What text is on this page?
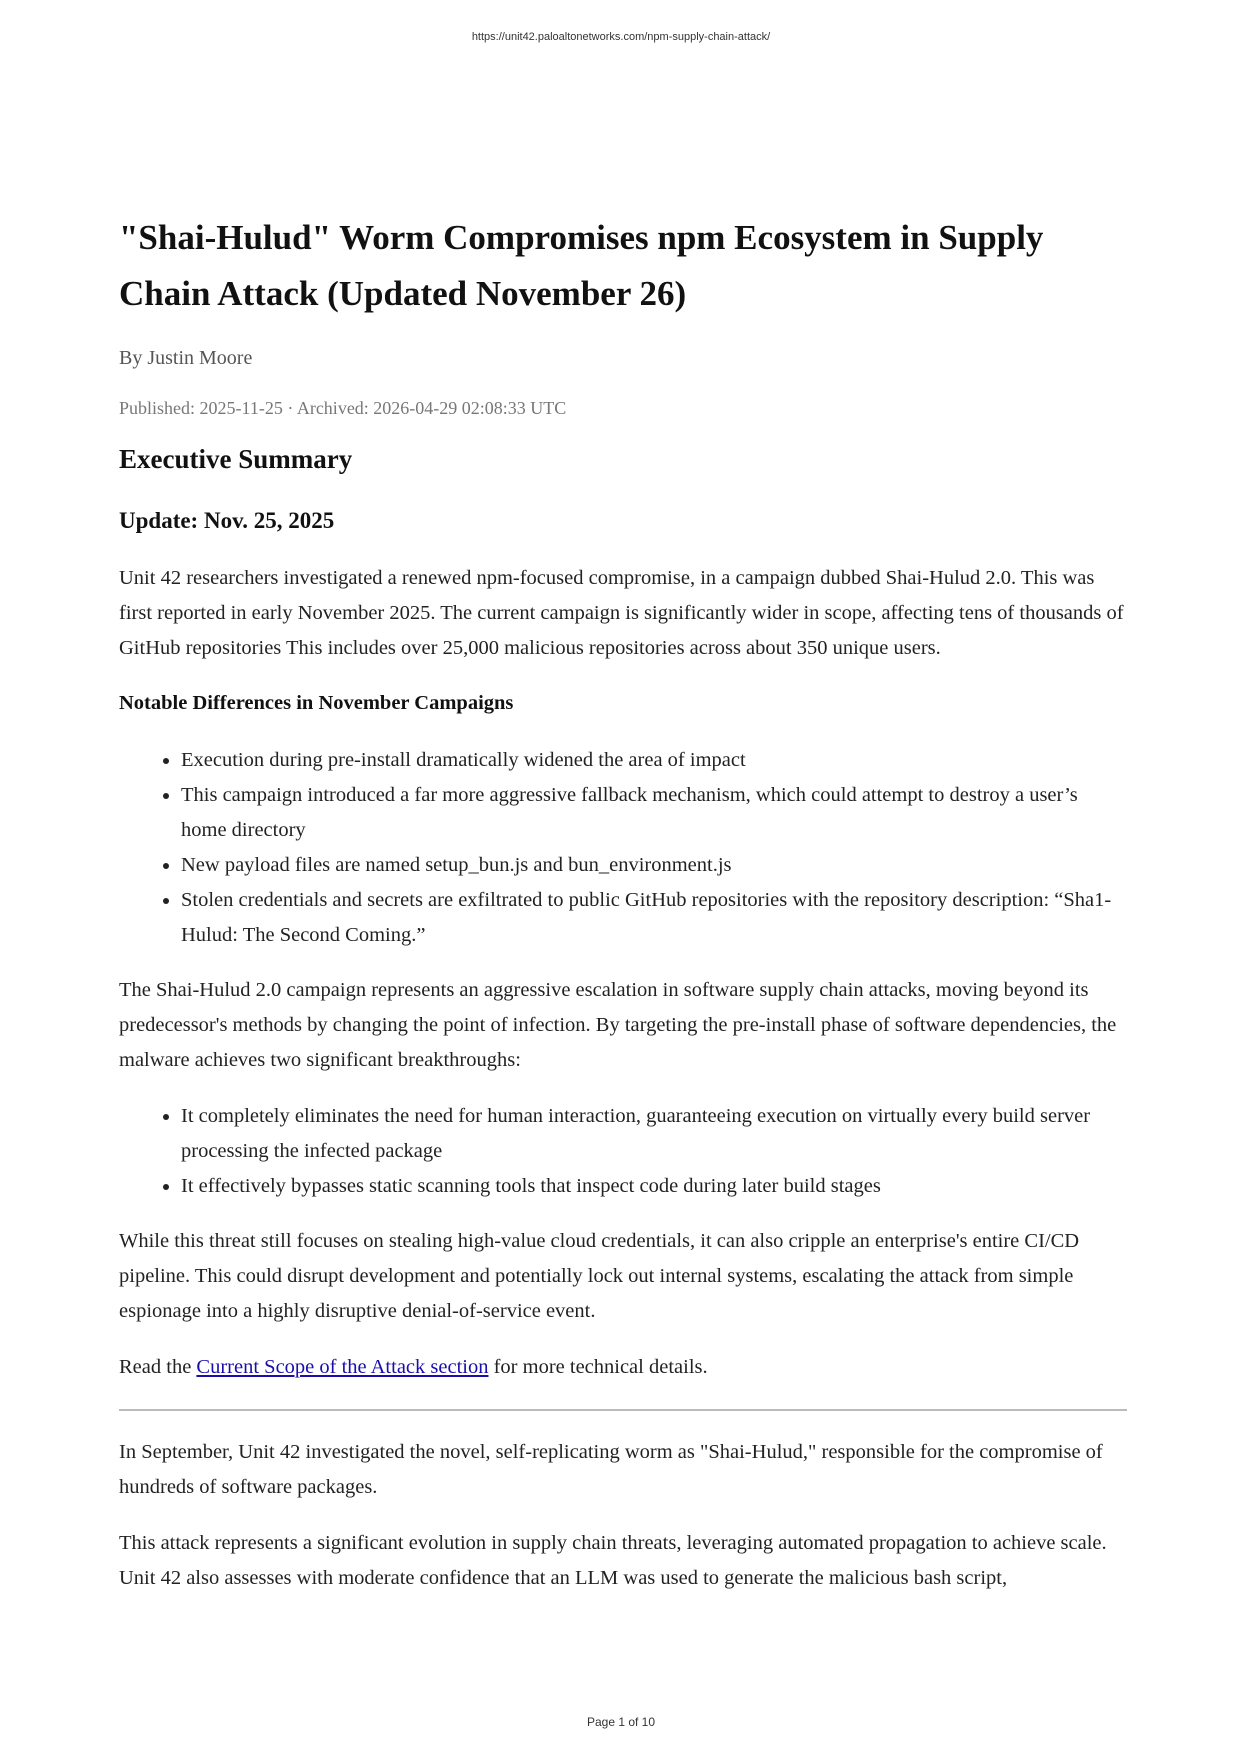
https://unit42.paloaltonetworks.com/npm-supply-chain-attack/
"Shai-Hulud" Worm Compromises npm Ecosystem in Supply Chain Attack (Updated November 26)
By Justin Moore
Published: 2025-11-25 · Archived: 2026-04-29 02:08:33 UTC
Executive Summary
Update: Nov. 25, 2025

Unit 42 researchers investigated a renewed npm-focused compromise, in a campaign dubbed Shai-Hulud 2.0. This was first reported in early November 2025. The current campaign is significantly wider in scope, affecting tens of thousands of GitHub repositories This includes over 25,000 malicious repositories across about 350 unique users.

Notable Differences in November Campaigns
• Execution during pre-install dramatically widened the area of impact
• This campaign introduced a far more aggressive fallback mechanism, which could attempt to destroy a user’s home directory
• New payload files are named setup_bun.js and bun_environment.js
• Stolen credentials and secrets are exfiltrated to public GitHub repositories with the repository description: “Sha1-Hulud: The Second Coming.”

The Shai-Hulud 2.0 campaign represents an aggressive escalation in software supply chain attacks, moving beyond its predecessor's methods by changing the point of infection. By targeting the pre-install phase of software dependencies, the malware achieves two significant breakthroughs:

• It completely eliminates the need for human interaction, guaranteeing execution on virtually every build server processing the infected package
• It effectively bypasses static scanning tools that inspect code during later build stages

While this threat still focuses on stealing high-value cloud credentials, it can also cripple an enterprise's entire CI/CD pipeline. This could disrupt development and potentially lock out internal systems, escalating the attack from simple espionage into a highly disruptive denial-of-service event.

Read the Current Scope of the Attack section for more technical details.

In September, Unit 42 investigated the novel, self-replicating worm as "Shai-Hulud," responsible for the compromise of hundreds of software packages.

This attack represents a significant evolution in supply chain threats, leveraging automated propagation to achieve scale. Unit 42 also assesses with moderate confidence that an LLM was used to generate the malicious bash script,

Page 1 of 10
